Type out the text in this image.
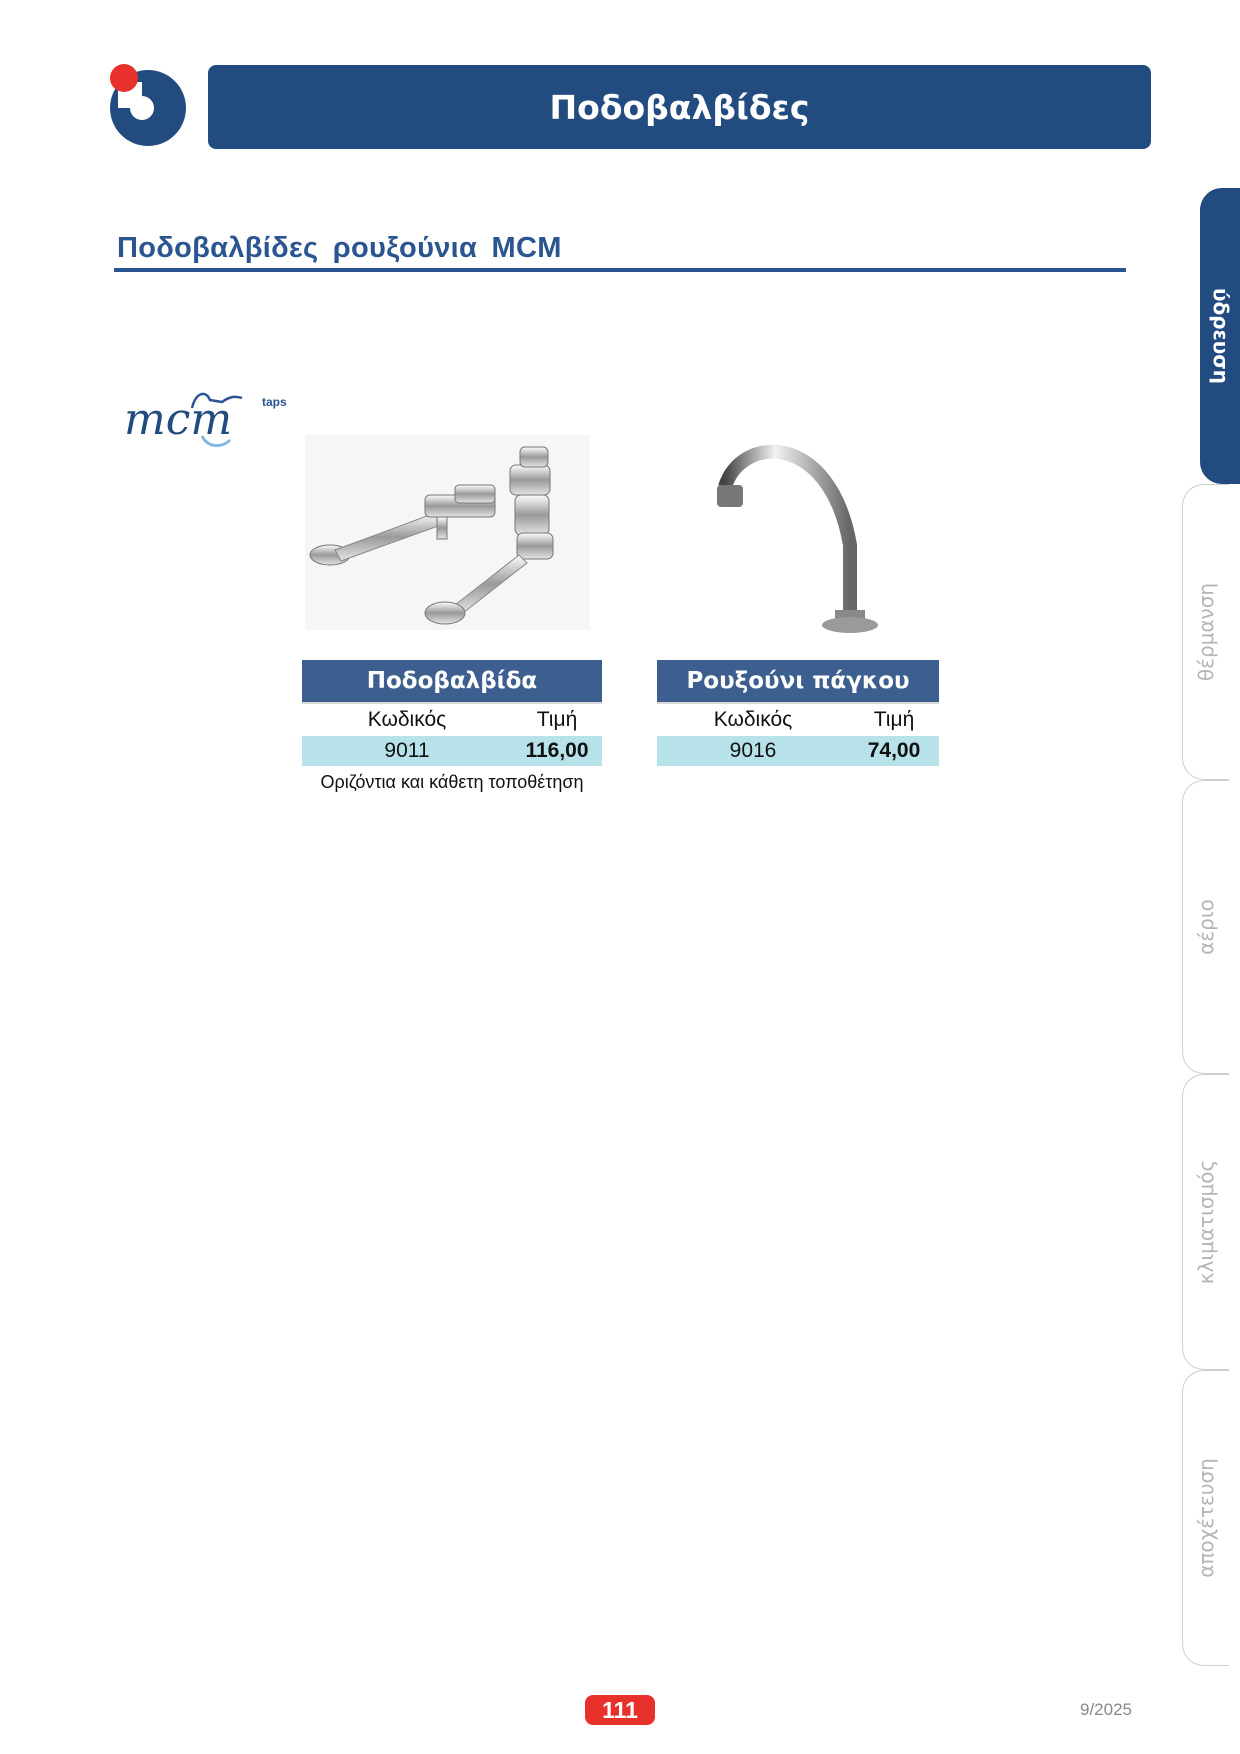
Ποδοβαλβίδες
Ποδοβαλβίδες ρουξούνια MCM
mcm taps
Ποδοβαλβίδα
Κωδικός	Τιμή
9011	116,00
Οριζόντια και κάθετη τοποθέτηση
Ρουξούνι πάγκου
Κωδικός	Τιμή
9016	74,00
ύδρευση
θέρμανση
αέριο
κλιματισμός
αποχέτευση
111	9/2025
